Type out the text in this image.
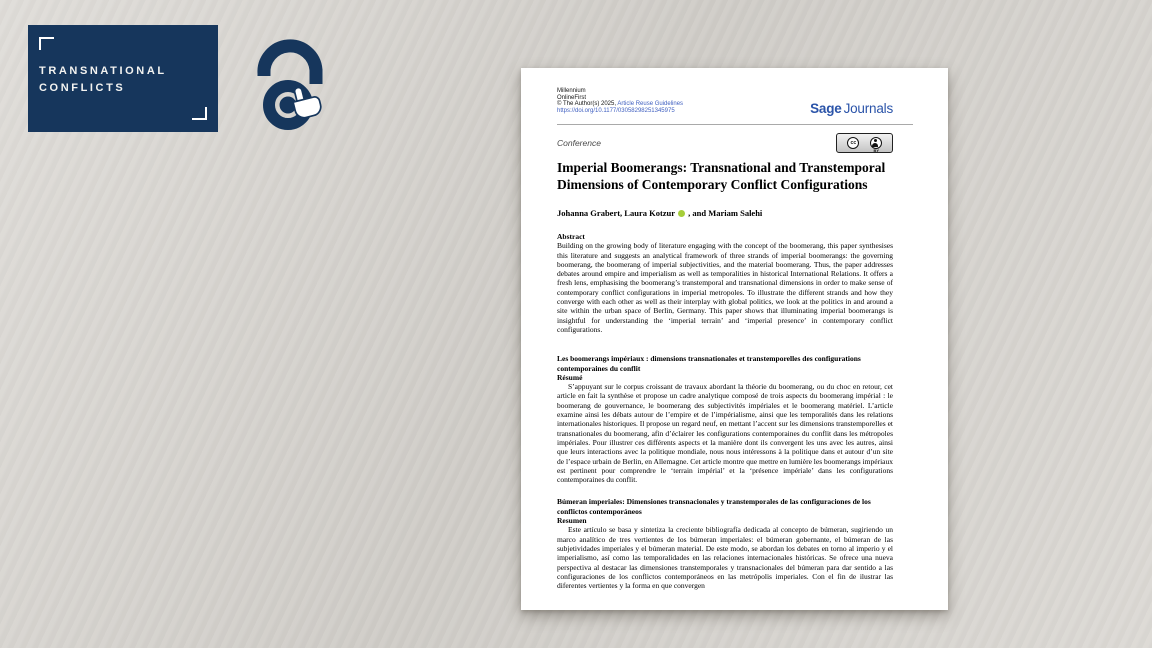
TRANSNATIONAL
CONFLICTS	Millennium
OnlineFirst
© The Author(s) 2025, Article Reuse Guidelines
https://doi.org/10.1177/03058298251345975	Sage Journals
Conference	cc
BY
Imperial Boomerangs: Transnational and Transtemporal Dimensions of Contemporary Conflict Configurations
Johanna Grabert, Laura Kotzur , and Mariam Salehi
Abstract

Building on the growing body of literature engaging with the concept of the boomerang, this paper synthesises this literature and suggests an analytical framework of three strands of imperial boomerangs: the governing boomerang, the boomerang of imperial subjectivities, and the material boomerang. Thus, the paper addresses debates around empire and imperialism as well as temporalities in historical International Relations. It offers a fresh lens, emphasising the boomerang’s transtemporal and transnational dimensions in order to make sense of contemporary conflict configurations in imperial metropoles. To illustrate the different strands and how they converge with each other as well as their interplay with global politics, we look at the politics in and around a site within the urban space of Berlin, Germany. This paper shows that illuminating imperial boomerangs is insightful for understanding the ‘imperial terrain’ and ‘imperial presence’ in contemporary conflict configurations.

Les boomerangs impériaux : dimensions transnationales et transtemporelles des configurations contemporaines du conflit
Résumé

S’appuyant sur le corpus croissant de travaux abordant la théorie du boomerang, ou du choc en retour, cet article en fait la synthèse et propose un cadre analytique composé de trois aspects du boomerang impérial : le boomerang de gouvernance, le boomerang des subjectivités impériales et le boomerang matériel. L’article examine ainsi les débats autour de l’empire et de l’impérialisme, ainsi que les temporalités dans les relations internationales historiques. Il propose un regard neuf, en mettant l’accent sur les dimensions transtemporelles et transnationales du boomerang, afin d’éclairer les configurations contemporaines du conflit dans les métropoles impériales. Pour illustrer ces différents aspects et la manière dont ils convergent les uns avec les autres, ainsi que leurs interactions avec la politique mondiale, nous nous intéressons à la politique dans et autour d’un site de l’espace urbain de Berlin, en Allemagne. Cet article montre que mettre en lumière les boomerangs impériaux est pertinent pour comprendre le ‘terrain impérial’ et la ‘présence impériale’ dans les configurations contemporaines du conflit.

Búmeran imperiales: Dimensiones transnacionales y transtemporales de las configuraciones de los conflictos contemporáneos
Resumen

Este artículo se basa y sintetiza la creciente bibliografía dedicada al concepto de búmeran, sugiriendo un marco analítico de tres vertientes de los búmeran imperiales: el búmeran gobernante, el búmeran de las subjetividades imperiales y el búmeran material. De este modo, se abordan los debates en torno al imperio y el imperialismo, así como las temporalidades en las relaciones internacionales históricas. Se ofrece una nueva perspectiva al destacar las dimensiones transtemporales y transnacionales del búmeran para dar sentido a las configuraciones de los conflictos contemporáneos en las metrópolis imperiales. Con el fin de ilustrar las diferentes vertientes y la forma en que convergen
